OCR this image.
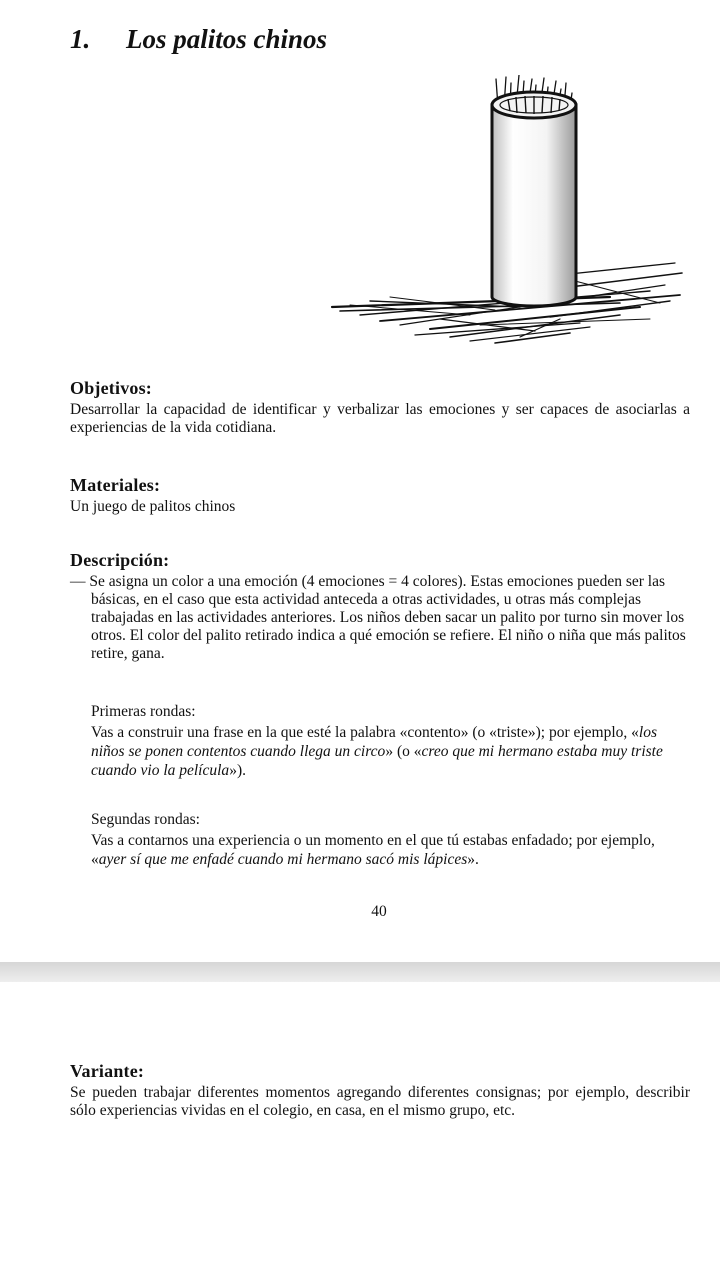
1. Los palitos chinos
Objetivos:

Desarrollar la capacidad de identificar y verbalizar las emociones y ser capaces de asociarlas a experiencias de la vida cotidiana.

Materiales:

Un juego de palitos chinos

Descripción:

— Se asigna un color a una emoción (4 emociones = 4 colores). Estas emociones pueden ser las básicas, en el caso que esta actividad anteceda a otras actividades, u otras más complejas trabajadas en las actividades anteriores. Los niños deben sacar un palito por turno sin mover los otros. El color del palito retirado indica a qué emoción se refiere. El niño o niña que más palitos retire, gana.

Primeras rondas:

Vas a construir una frase en la que esté la palabra «contento» (o «triste»); por ejemplo, «los niños se ponen contentos cuando llega un circo» (o «creo que mi hermano estaba muy triste cuando vio la película»).

Segundas rondas:

Vas a contarnos una experiencia o un momento en el que tú estabas enfadado; por ejemplo, «ayer sí que me enfadé cuando mi hermano sacó mis lápices».

40
Variante:

Se pueden trabajar diferentes momentos agregando diferentes consignas; por ejemplo, describir sólo experiencias vividas en el colegio, en casa, en el mismo grupo, etc.
